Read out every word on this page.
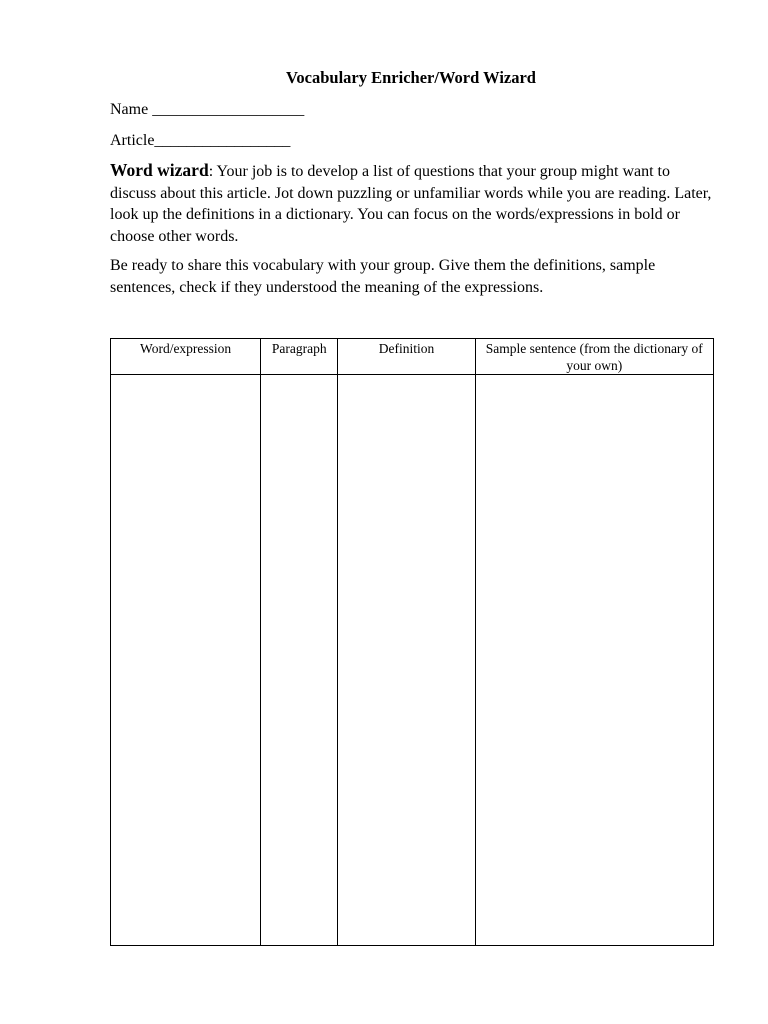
Vocabulary Enricher/Word Wizard
Name ___________________
Article_________________

Word wizard: Your job is to develop a list of questions that your group might want to discuss about this article. Jot down puzzling or unfamiliar words while you are reading. Later, look up the definitions in a dictionary. You can focus on the words/expressions in bold or choose other words.

Be ready to share this vocabulary with your group. Give them the definitions, sample sentences, check if they understood the meaning of the expressions.

Word/expression	Paragraph	Definition	Sample sentence (from the dictionary of your own)
